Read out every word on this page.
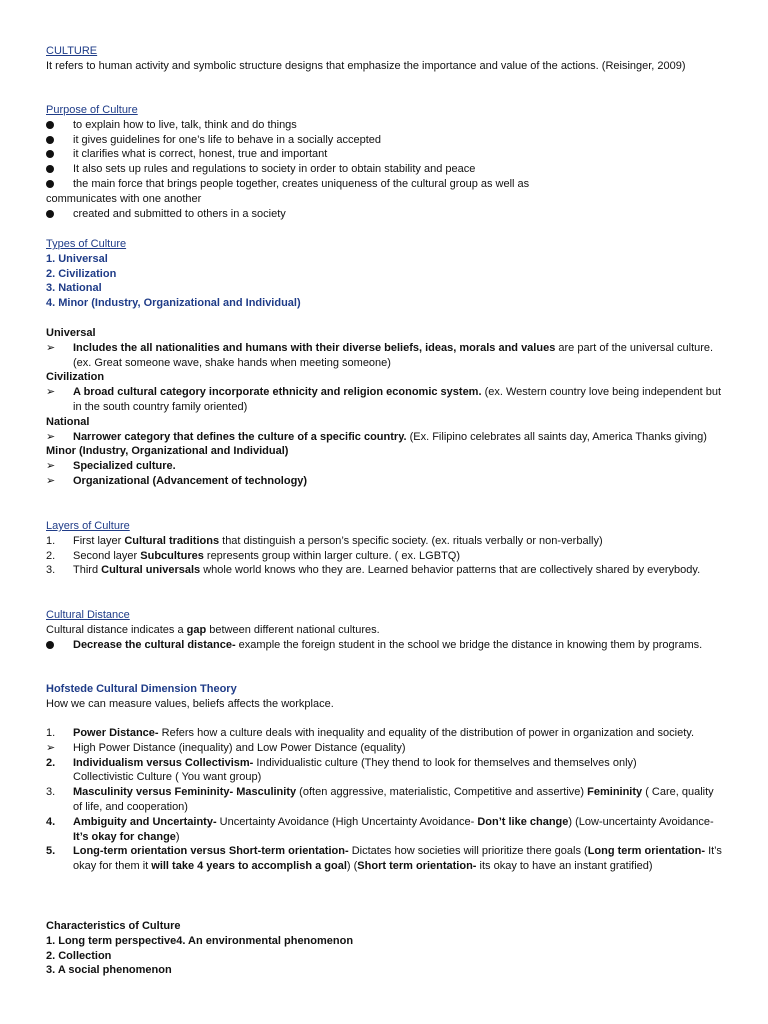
CULTURE
It refers to human activity and symbolic structure designs that emphasize the importance and value of the actions. (Reisinger, 2009)
Purpose of Culture
to explain how to live, talk, think and do things
it gives guidelines for one’s life to behave in a socially accepted
it clarifies what is correct, honest, true and important
It also sets up rules and regulations to society in order to obtain stability and peace
the main force that brings people together, creates uniqueness of the cultural group as well as
communicates with one another
created and submitted to others in a society
Types of Culture
1. Universal
2. Civilization
3. National
4. Minor (Industry, Organizational and Individual)
Universal
➢ Includes the all nationalities and humans with their diverse beliefs, ideas, morals and values are part of the universal culture. (ex. Great someone wave, shake hands when meeting someone)
Civilization
➢ A broad cultural category incorporate ethnicity and religion economic system. (ex. Western country love being independent but in the south country family oriented)
National
➢ Narrower category that defines the culture of a specific country. (Ex. Filipino celebrates all saints day, America Thanks giving)
Minor (Industry, Organizational and Individual)
➢ Specialized culture.
➢ Organizational (Advancement of technology)
Layers of Culture
1. First layer Cultural traditions that distinguish a person’s specific society. (ex. rituals verbally or non-verbally)
2. Second layer Subcultures represents group within larger culture. ( ex. LGBTQ)
3. Third Cultural universals whole world knows who they are. Learned behavior patterns that are collectively shared by everybody.
Cultural Distance
Cultural distance indicates a gap between different national cultures.
Decrease the cultural distance- example the foreign student in the school we bridge the distance in knowing them by programs.
Hofstede Cultural Dimension Theory
How we can measure values, beliefs affects the workplace.
1. Power Distance- Refers how a culture deals with inequality and equality of the distribution of power in organization and society.
➢ High Power Distance (inequality) and Low Power Distance (equality)
2. Individualism versus Collectivism- Individualistic culture (They thend to look for themselves and themselves only)
Collectivistic Culture ( You want group)
3. Masculinity versus Femininity- Masculinity (often aggressive, materialistic, Competitive and assertive) Femininity ( Care, quality of life, and cooperation)
4. Ambiguity and Uncertainty- Uncertainty Avoidance (High Uncertainty Avoidance- Don’t like change) (Low-uncertainty Avoidance- It’s okay for change)
5. Long-term orientation versus Short-term orientation- Dictates how societies will prioritize there goals (Long term orientation- It’s okay for them it will take 4 years to accomplish a goal) (Short term orientation- its okay to have an instant gratified)
Characteristics of Culture
1. Long term perspective 4. An environmental phenomenon
2. Collection
3. A social phenomenon
